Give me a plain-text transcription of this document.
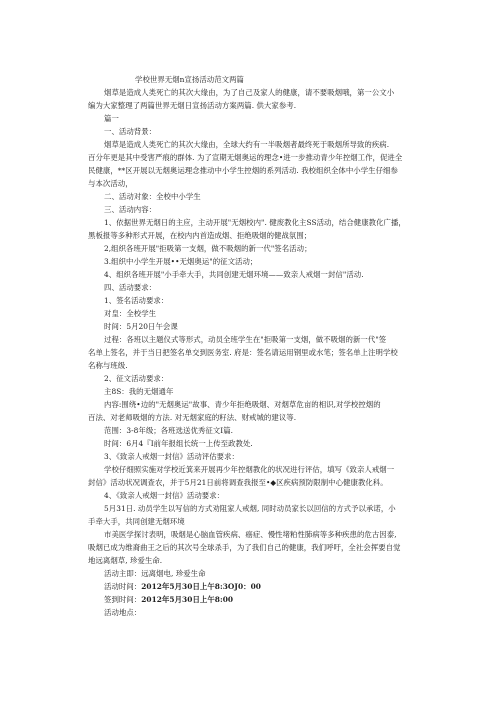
学校世界无烟n宣扬活动范文两篇
烟草是造成人类死亡的其次大缘由，为了自己及家人的健康，请不要吸烟哦，第一公文小
编为大家整理了两篇世界无烟日宣扬活动方案两篇. 供大家参考.
篇一
一、活动背景：
烟草是造成人类死亡的其次大缘由，全球大约有一半吸烟者最终死于吸烟所导致的疾病.
百分年更是其中受害严痕的群体. 为了宣期无烟奥运的理念•进一步推动青少年控烟工作，促进全
民健康，**区开展以无烟奥运理念推动中小学生控烟的系列活动. 我校组织全体中小学生仔细参
与本次活动，
二、活动对象：全校中小学生
三、活动内容：
1、依据世界无烟日的主应，主动开展"无烟校内". 健废教化主SS活动，结合健康教化广播，
黑板报等多种形式开展，在校内内首造成烟、拒绝吸烟的健战氛围；
2,组织各班开展"拒吸第一支烟，做不吸烟的新一代"签名活动；
3.组织中小学生开展••无烟奥运"的征文活动；
4、组织各班开展"小手牵大手，共同创建无烟环境——致亲人戒烟一封信"活动.
四、活动要求：
1、签名活动要求：
对皇：全校学生
时间：5月20日午会课
过程：各班以主题仪式等形式，动员全班学生在"拒吸第一支烟，做不吸烟的新一代"签
名单上签名，并于当日把签名单交到医务室. 府是：签名请运用钢里或水笔；签名单上注明学校
名称与班级.
2、征文活动要求：
主8S：我的无烟通年
内容:围绕•边的"无烟奥运"故事、青少年拒绝吸烟、对烟草危亩的相识,对学校控烟的
百法、对老师吸烟的方法. 对无烟家庭的籽法、财戒城的建议等.
范围：3-8年级；各班选送优秀征文I篇.
时间：6月4『I前年报组长统一上传至政教处.
3、《致亲人戒烟一封信》活动评估要求：
学校仔细照实施对学校近箕来开展再少年控烟教化的状况进行评估，填写《致亲人戒烟一
封信》活动状况调查农，并于5月21日前将调查我报至•◆区疾病预防限制中心健康教化科。
4、《致亲人戒烟一封信》活动要求：
5月31日. 动员学生以写信的方式劝阻家人戒烟, 同时动员家长以回信的方式予以承诺，小
手牵大手，共同创建无烟环境
市美医学探讨表明，吸烟是心脑血管疾病、癌症、慢性堵粕性肺病等多种疾患的危古因泰,
吸烟已成为维裔曲王之后的其次号全球杀手，为了我们自己的健康，我们呼吁，全社会挥要自觉
地远离烟草, 珍爱生命.
活动主即：远离烟电, 珍爱生命
活动时间：2012年5月30日上午8:3OJ0：00
签到时间：2012年5月30日上午8:00
活动地点：
